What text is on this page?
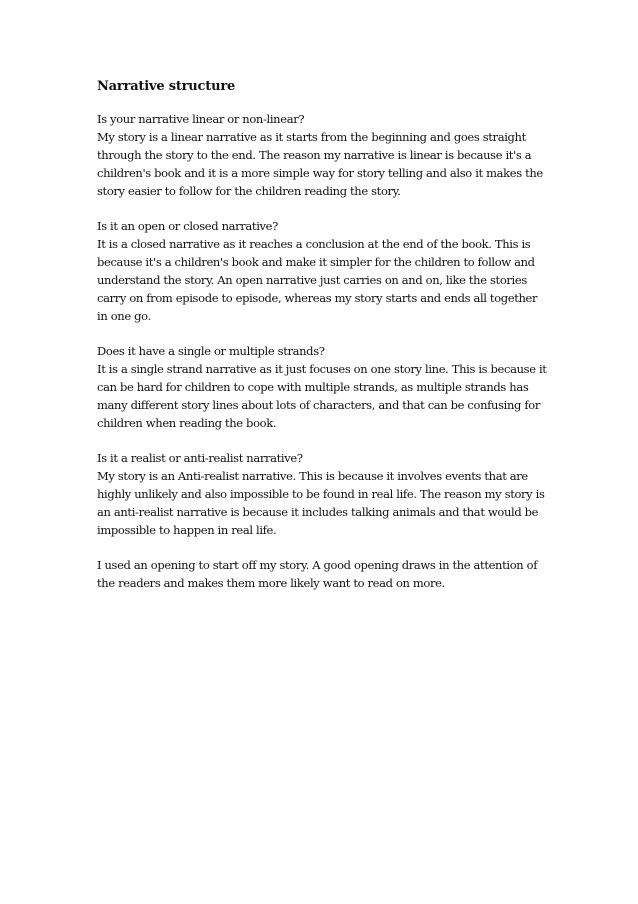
Narrative structure

Is your narrative linear or non-linear?

My story is a linear narrative as it starts from the beginning and goes straight through the story to the end. The reason my narrative is linear is because it's a children's book and it is a more simple way for story telling and also it makes the story easier to follow for the children reading the story.

Is it an open or closed narrative?

It is a closed narrative as it reaches a conclusion at the end of the book. This is because it's a children's book and make it simpler for the children to follow and understand the story. An open narrative just carries on and on, like the stories carry on from episode to episode, whereas my story starts and ends all together in one go.

Does it have a single or multiple strands?

It is a single strand narrative as it just focuses on one story line. This is because it can be hard for children to cope with multiple strands, as multiple strands has many different story lines about lots of characters, and that can be confusing for children when reading the book.

Is it a realist or anti-realist narrative?

My story is an Anti-realist narrative. This is because it involves events that are highly unlikely and also impossible to be found in real life. The reason my story is an anti-realist narrative is because it includes talking animals and that would be impossible to happen in real life.

I used an opening to start off my story. A good opening draws in the attention of the readers and makes them more likely want to read on more.
